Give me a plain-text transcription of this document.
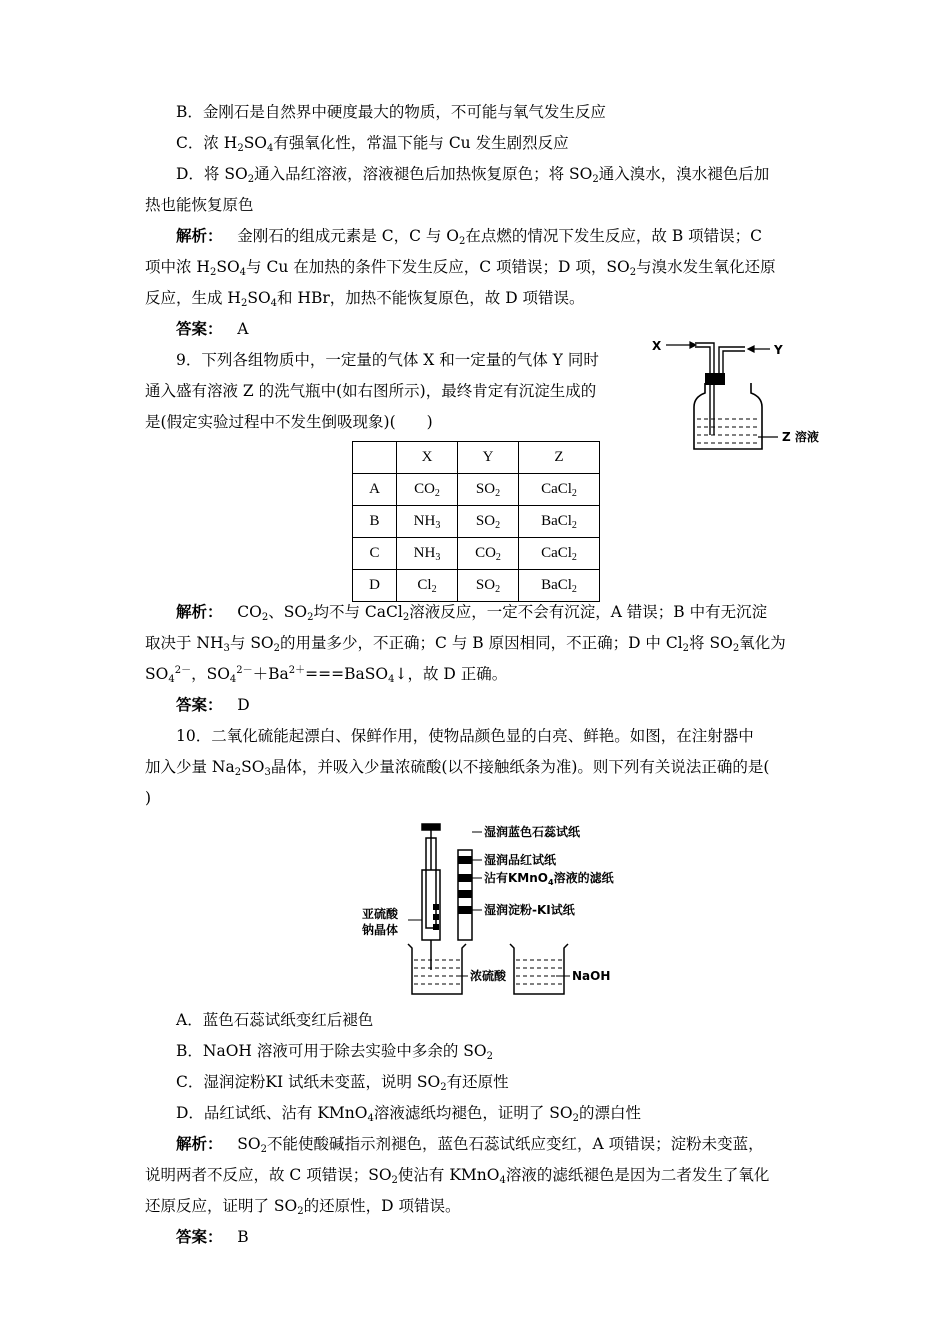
B．金刚石是自然界中硬度最大的物质，不可能与氧气发生反应
C．浓 $H_2SO_4$有强氧化性，常温下能与 Cu 发生剧烈反应
D．将 $SO_2$通入品红溶液，溶液褪色后加热恢复原色；将 $SO_2$通入溴水，溴水褪色后加
热也能恢复原色
解析： 金刚石的组成元素是 C，C 与 $O_2$在点燃的情况下发生反应，故 B 项错误；C
项中浓 $H_2SO_4$与 Cu 在加热的条件下发生反应，C 项错误；D 项，$SO_2$与溴水发生氧化还原
反应，生成 $H_2SO_4$和 HBr，加热不能恢复原色，故 D 项错误。
答案： A
9．下列各组物质中，一定量的气体 X 和一定量的气体 Y 同时
通入盛有溶液 Z 的洗气瓶中(如右图所示)，最终肯定有沉淀生成的
是(假定实验过程中不发生倒吸现象)(　　)
X	Y
Z 溶液
	X	Y	Z
A	$CO_2$	$SO_2$	CaCl$_2$
B	$NH_3$	$SO_2$	BaCl$_2$
C	$NH_3$	$CO_2$	CaCl$_2$
D	$Cl_2$	$SO_2$	BaCl$_2$
解析： $CO_2$、$SO_2$均不与 CaCl$_2$溶液反应，一定不会有沉淀，A 错误；B 中有无沉淀
取决于 $NH_3$与 $SO_2$的用量多少，不正确；C 与 B 原因相同，不正确；D 中 $Cl_2$将 $SO_2$氧化为
$SO_4^{2-}$，$SO_4^{2-}+Ba^{2+}===BaSO_4↓$，故 D 正确。
答案： D
10．二氧化硫能起漂白、保鲜作用，使物品颜色显的白亮、鲜艳。如图，在注射器中
加入少量 $Na_2SO_3$晶体，并吸入少量浓硫酸(以不接触纸条为准)。则下列有关说法正确的是(
)
湿润蓝色石蕊试纸
湿润品红试纸
沾有KMnO$_4$溶液的滤纸
湿润淀粉-KI试纸
亚硫酸
钠晶体
浓硫酸	NaOH
A．蓝色石蕊试纸变红后褪色
B．NaOH 溶液可用于除去实验中多余的 $SO_2$
C．湿润淀粉KI 试纸未变蓝，说明 $SO_2$有还原性
D．品红试纸、沾有 KMnO$_4$溶液滤纸均褪色，证明了 $SO_2$的漂白性
解析： $SO_2$不能使酸碱指示剂褪色，蓝色石蕊试纸应变红，A 项错误；淀粉未变蓝，
说明两者不反应，故 C 项错误；$SO_2$使沾有 KMnO$_4$溶液的滤纸褪色是因为二者发生了氧化
还原反应，证明了 $SO_2$的还原性，D 项错误。
答案： B
